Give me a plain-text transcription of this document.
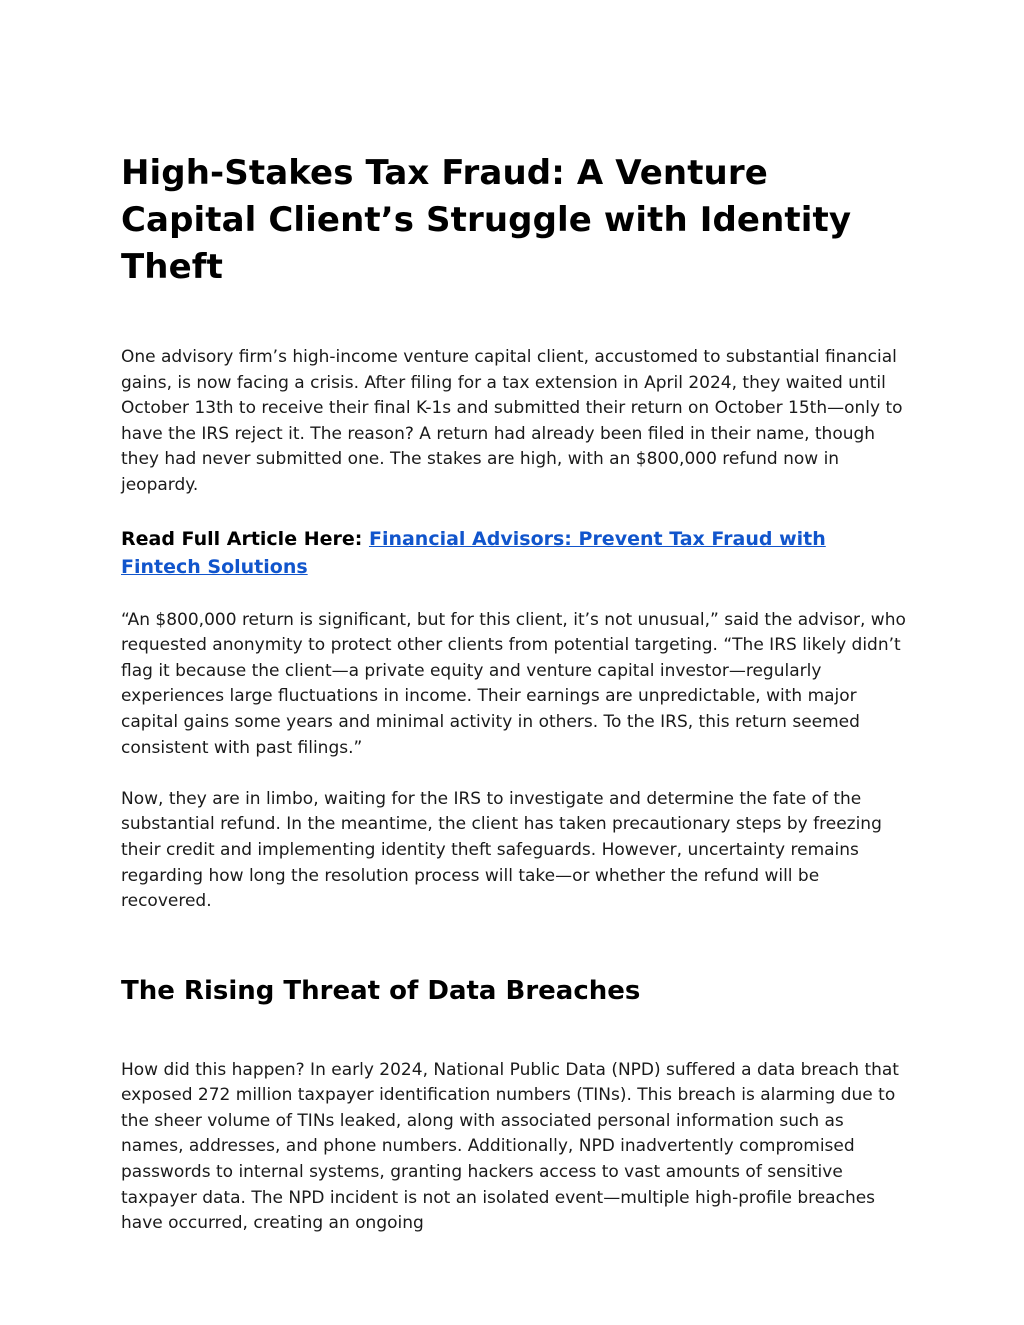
High-Stakes Tax Fraud: A Venture Capital Client’s Struggle with Identity Theft

One advisory firm’s high-income venture capital client, accustomed to substantial financial gains, is now facing a crisis. After filing for a tax extension in April 2024, they waited until October 13th to receive their final K-1s and submitted their return on October 15th—only to have the IRS reject it. The reason? A return had already been filed in their name, though they had never submitted one. The stakes are high, with an $800,000 refund now in jeopardy.

Read Full Article Here: Financial Advisors: Prevent Tax Fraud with Fintech Solutions

“An $800,000 return is significant, but for this client, it’s not unusual,” said the advisor, who requested anonymity to protect other clients from potential targeting. “The IRS likely didn’t flag it because the client—a private equity and venture capital investor—regularly experiences large fluctuations in income. Their earnings are unpredictable, with major capital gains some years and minimal activity in others. To the IRS, this return seemed consistent with past filings.”

Now, they are in limbo, waiting for the IRS to investigate and determine the fate of the substantial refund. In the meantime, the client has taken precautionary steps by freezing their credit and implementing identity theft safeguards. However, uncertainty remains regarding how long the resolution process will take—or whether the refund will be recovered.

The Rising Threat of Data Breaches

How did this happen? In early 2024, National Public Data (NPD) suffered a data breach that exposed 272 million taxpayer identification numbers (TINs). This breach is alarming due to the sheer volume of TINs leaked, along with associated personal information such as names, addresses, and phone numbers. Additionally, NPD inadvertently compromised passwords to internal systems, granting hackers access to vast amounts of sensitive taxpayer data. The NPD incident is not an isolated event—multiple high-profile breaches have occurred, creating an ongoing
